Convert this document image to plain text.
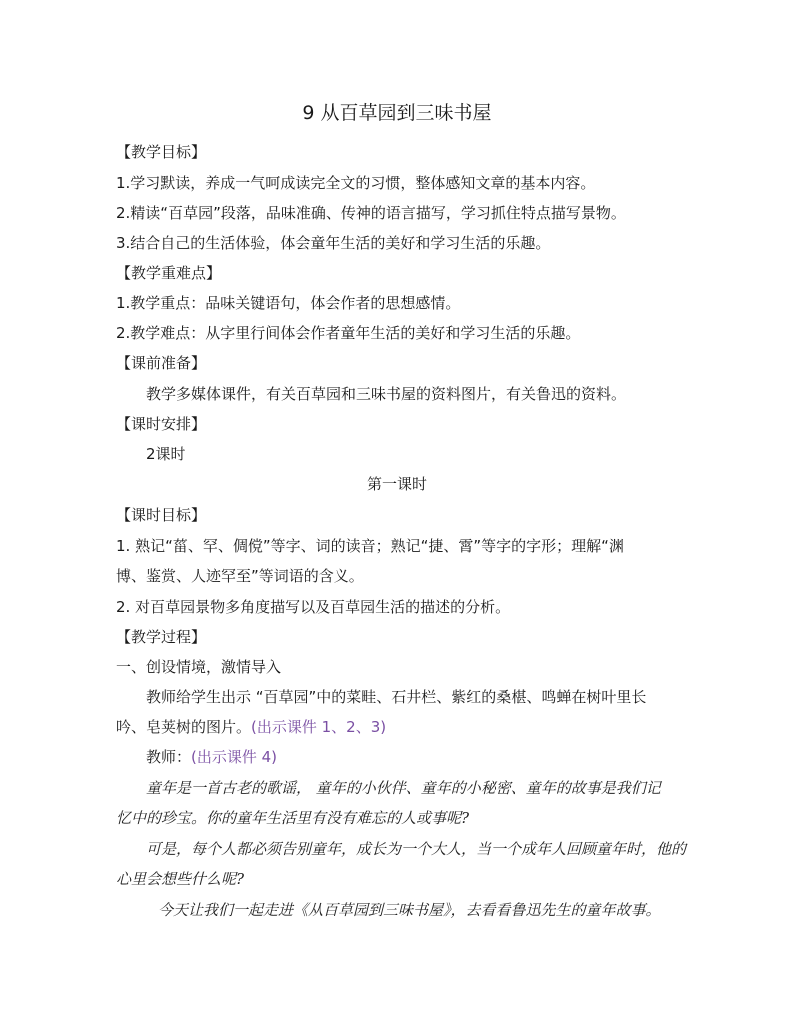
9 从百草园到三味书屋
【教学目标】
1.学习默读，养成一气呵成读完全文的习惯，整体感知文章的基本内容。
2.精读“百草园”段落，品味准确、传神的语言描写，学习抓住特点描写景物。
3.结合自己的生活体验，体会童年生活的美好和学习生活的乐趣。
【教学重难点】
1.教学重点：品味关键语句，体会作者的思想感情。
2.教学难点：从字里行间体会作者童年生活的美好和学习生活的乐趣。
【课前准备】
教学多媒体课件，有关百草园和三味书屋的资料图片，有关鲁迅的资料。
【课时安排】
2课时
第一课时
【课时目标】
1. 熟记“菑、罕、倜傥”等字、词的读音；熟记“捷、霄”等字的字形；理解“渊
博、鉴赏、人迹罕至”等词语的含义。
2. 对百草园景物多角度描写以及百草园生活的描述的分析。
【教学过程】
一、创设情境，激情导入
教师给学生出示 “百草园”中的菜畦、石井栏、紫红的桑椹、鸣蝉在树叶里长
吟、皂荚树的图片。(出示课件 1、2、3)
教师：(出示课件 4)
童年是一首古老的歌谣， 童年的小伙伴、童年的小秘密、童年的故事是我们记
忆中的珍宝。你的童年生活里有没有难忘的人或事呢?
可是，每个人都必须告别童年，成长为一个大人，当一个成年人回顾童年时，他的
心里会想些什么呢?
今天让我们一起走进《从百草园到三味书屋》，去看看鲁迅先生的童年故事。
